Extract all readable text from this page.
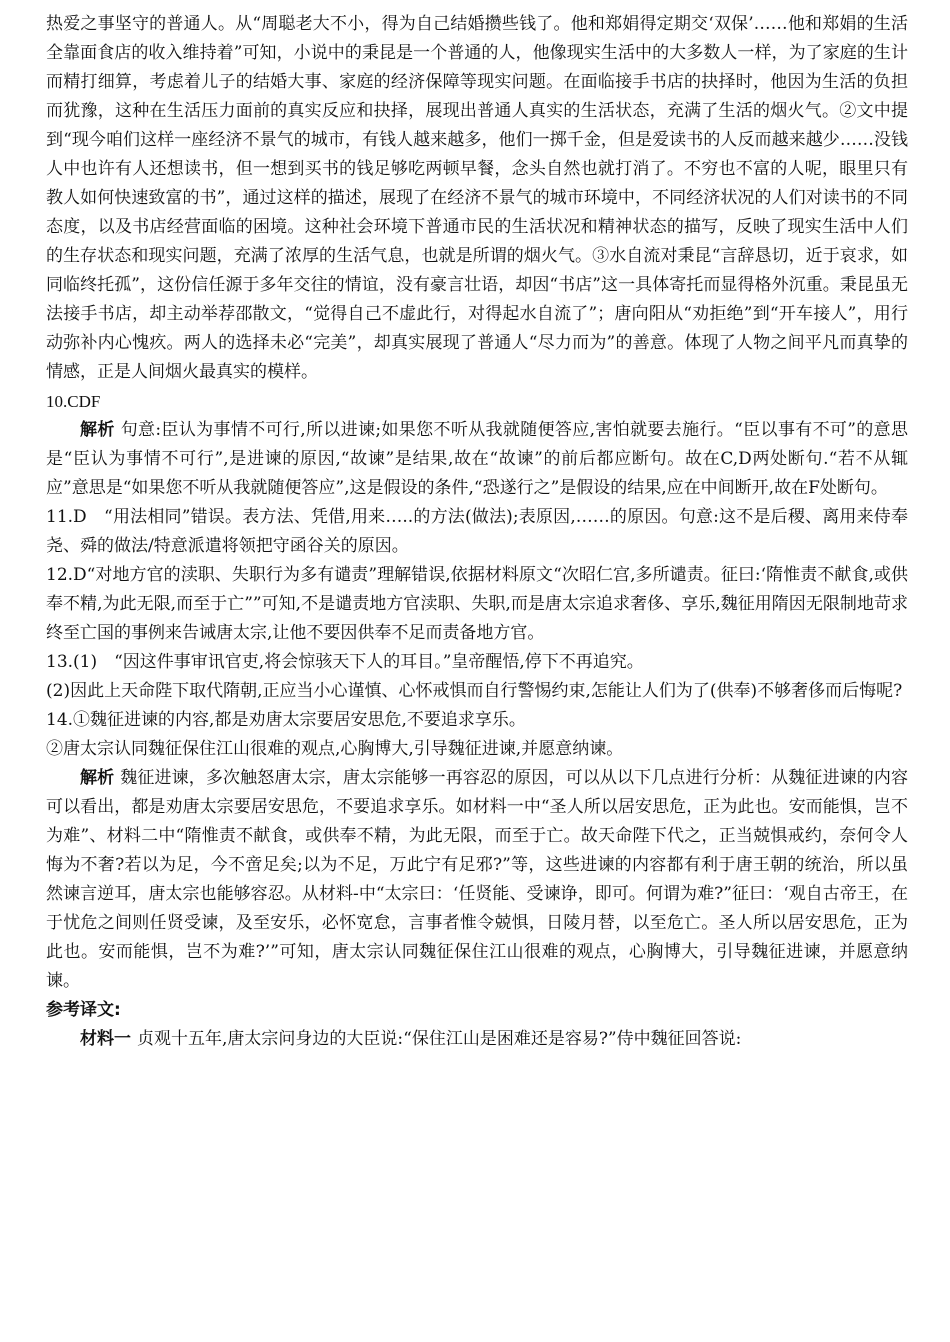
热爱之事坚守的普通人。从“周聪老大不小，得为自己结婚攒些钱了。他和郑娟得定期交‘双保’……他和郑娟的生活全靠面食店的收入维持着”可知，小说中的秉昆是一个普通的人，他像现实生活中的大多数人一样，为了家庭的生计而精打细算，考虑着儿子的结婚大事、家庭的经济保障等现实问题。在面临接手书店的抉择时，他因为生活的负担而犹豫，这种在生活压力面前的真实反应和抉择，展现出普通人真实的生活状态，充满了生活的烟火气。②文中提到“现今咱们这样一座经济不景气的城市，有钱人越来越多，他们一掷千金，但是爱读书的人反而越来越少……没钱人中也许有人还想读书，但一想到买书的钱足够吃两顿早餐，念头自然也就打消了。不穷也不富的人呢，眼里只有教人如何快速致富的书”，通过这样的描述，展现了在经济不景气的城市环境中，不同经济状况的人们对读书的不同态度，以及书店经营面临的困境。这种社会环境下普通市民的生活状况和精神状态的描写，反映了现实生活中人们的生存状态和现实问题，充满了浓厚的生活气息，也就是所谓的烟火气。③水自流对秉昆“言辞恳切，近于哀求，如同临终托孤”，这份信任源于多年交往的情谊，没有豪言壮语，却因“书店”这一具体寄托而显得格外沉重。秉昆虽无法接手书店，却主动举荐邵散文，“觉得自己不虚此行，对得起水自流了”；唐向阳从“劝拒绝”到“开车接人”，用行动弥补内心愧疚。两人的选择未必“完美”，却真实展现了普通人“尽力而为”的善意。体现了人物之间平凡而真挚的情感，正是人间烟火最真实的模样。

10.CDF

解析 句意:臣认为事情不可行,所以进谏;如果您不听从我就随便答应,害怕就要去施行。“臣以事有不可”的意思是“臣认为事情不可行”,是进谏的原因,“故谏”是结果,故在“故谏”的前后都应断句。故在C,D两处断句.“若不从辄应”意思是“如果您不听从我就随便答应”,这是假设的条件,“恐遂行之”是假设的结果,应在中间断开,故在F处断句。

11.D　“用法相同”错误。表方法、凭借,用来…..的方法(做法);表原因,……的原因。句意:这不是后稷、离用来侍奉尧、舜的做法/特意派遣将领把守函谷关的原因。

12.D“对地方官的渎职、失职行为多有谴责”理解错误,依据材料原文“次昭仁宫,多所谴责。征曰:‘隋惟责不献食,或供奉不精,为此无限,而至于亡””可知,不是谴责地方官渎职、失职,而是唐太宗追求奢侈、享乐,魏征用隋因无限制地苛求终至亡国的事例来告诫唐太宗,让他不要因供奉不足而责备地方官。

13.(1)　“因这件事审讯官吏,将会惊骇天下人的耳目。”皇帝醒悟,停下不再追究。

(2)因此上天命陛下取代隋朝,正应当小心谨慎、心怀戒惧而自行警惕约束,怎能让人们为了(供奉)不够奢侈而后悔呢?

14.①魏征进谏的内容,都是劝唐太宗要居安思危,不要追求享乐。

②唐太宗认同魏征保住江山很难的观点,心胸博大,引导魏征进谏,并愿意纳谏。

解析 魏征进谏，多次触怒唐太宗，唐太宗能够一再容忍的原因，可以从以下几点进行分析：从魏征进谏的内容可以看出，都是劝唐太宗要居安思危，不要追求享乐。如材料一中“圣人所以居安思危，正为此也。安而能惧，岂不为难”、材料二中“隋惟责不献食，或供奉不精，为此无限，而至于亡。故天命陛下代之，正当兢惧戒约，奈何令人悔为不奢?若以为足，今不啻足矣;以为不足，万此宁有足邪?”等，这些进谏的内容都有利于唐王朝的统治，所以虽然谏言逆耳，唐太宗也能够容忍。从材料-中“太宗曰：‘任贤能、受谏诤，即可。何谓为难?”征曰：‘观自古帝王，在于忧危之间则任贤受谏，及至安乐，必怀宽怠，言事者惟令兢惧，日陵月替，以至危亡。圣人所以居安思危，正为此也。安而能惧，岂不为难?’”可知，唐太宗认同魏征保住江山很难的观点，心胸博大，引导魏征进谏，并愿意纳谏。

参考译文:

材料一 贞观十五年,唐太宗问身边的大臣说:“保住江山是困难还是容易?”侍中魏征回答说:
